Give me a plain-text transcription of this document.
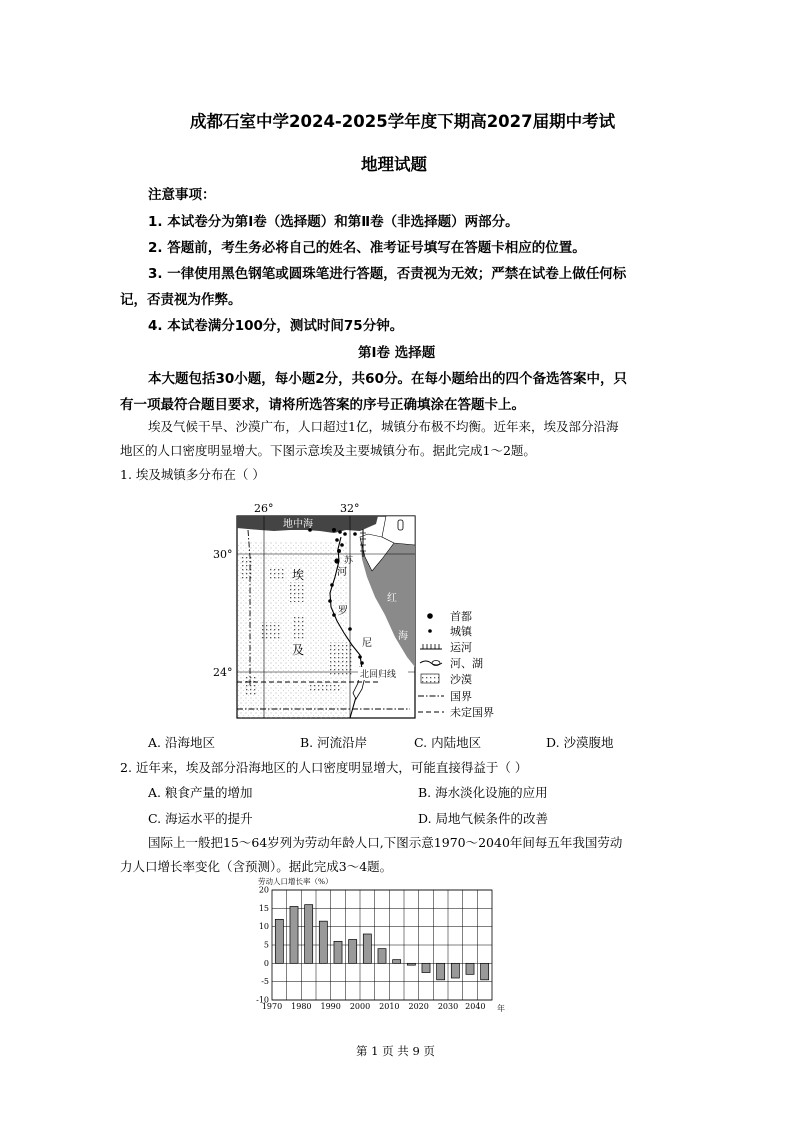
成都石室中学2024-2025学年度下期高2027届期中考试
地理试题
注意事项：
1. 本试卷分为第Ⅰ卷（选择题）和第Ⅱ卷（非选择题）两部分。
2. 答题前，考生务必将自己的姓名、准考证号填写在答题卡相应的位置。
3. 一律使用黑色钢笔或圆珠笔进行答题，否责视为无效；严禁在试卷上做任何标
记，否责视为作弊。
4. 本试卷满分100分，测试时间75分钟。
第Ⅰ卷 选择题
本大题包括30小题，每小题2分，共60分。在每小题给出的四个备选答案中，只
有一项最符合题目要求，请将所选答案的序号正确填涂在答题卡上。
埃及气候干旱、沙漠广布，人口超过1亿，城镇分布极不均衡。近年来，埃及部分沿海
地区的人口密度明显增大。下图示意埃及主要城镇分布。据此完成1～2题。
1. 埃及城镇多分布在（ ）
26°	32°
30°
24°
地中海
苏
埃
及
河
罗
尼
红
海
北回归线
首都
城镇
运河
河、湖
沙漠
国界
未定国界
A. 沿海地区	B. 河流沿岸	C. 内陆地区	D. 沙漠腹地
2. 近年来，埃及部分沿海地区的人口密度明显增大，可能直接得益于（ ）
A. 粮食产量的增加	B. 海水淡化设施的应用
C. 海运水平的提升	D. 局地气候条件的改善
国际上一般把15～64岁列为劳动年龄人口,下图示意1970～2040年间每五年我国劳动
力人口增长率变化（含预测）。据此完成3～4题。
劳动人口增长率（%）
20
15
10
5
0
-5
-10
1970 1980 1990 2000 2010 2020 2030 2040 年
第 1 页 共 9 页
